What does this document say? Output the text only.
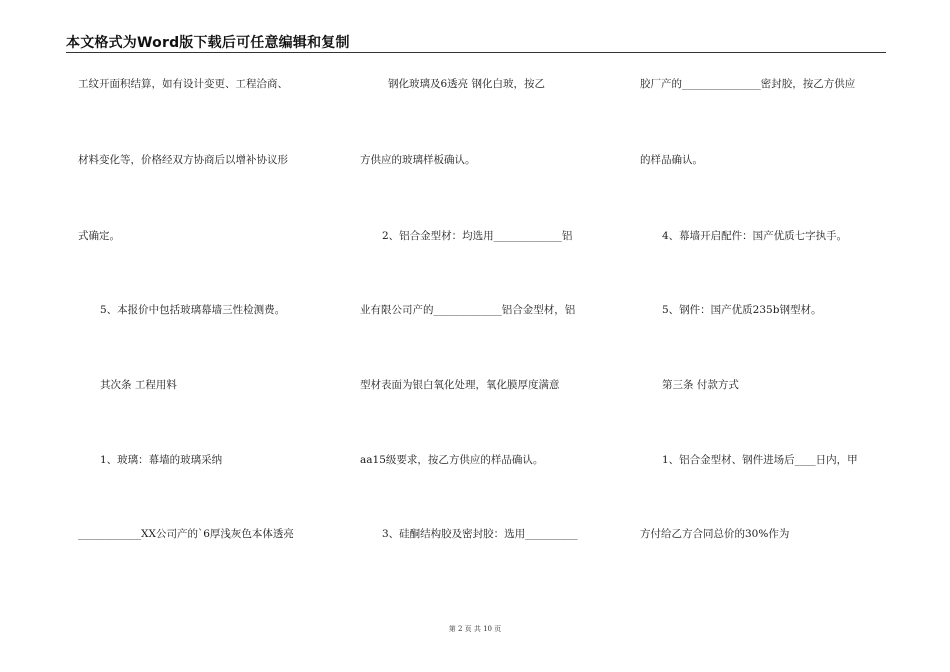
本文格式为Word版下载后可任意编辑和复制
工纹开面积结算，如有设计变更、工程洽商、
材料变化等，价格经双方协商后以增补协议形
式确定。
5、本报价中包括玻璃幕墙三性检测费。
其次条 工程用料
1、玻璃：幕墙的玻璃采纳
____________XX公司产的`6厚浅灰色本体透亮
钢化玻璃及6透亮 钢化白玻，按乙
方供应的玻璃样板确认。
2、铝合金型材：均选用_____________铝
业有限公司产的_____________铝合金型材，铝
型材表面为银白氧化处理，氧化膜厚度满意
aa15级要求，按乙方供应的样品确认。
3、硅酮结构胶及密封胶：选用__________
胶厂产的_______________密封胶，按乙方供应
的样品确认。
4、幕墙开启配件：国产优质七字执手。
5、钢件：国产优质235b钢型材。
第三条 付款方式
1、铝合金型材、钢件进场后____日内，甲
方付给乙方合同总价的30%作为
第 2 页 共 10 页
